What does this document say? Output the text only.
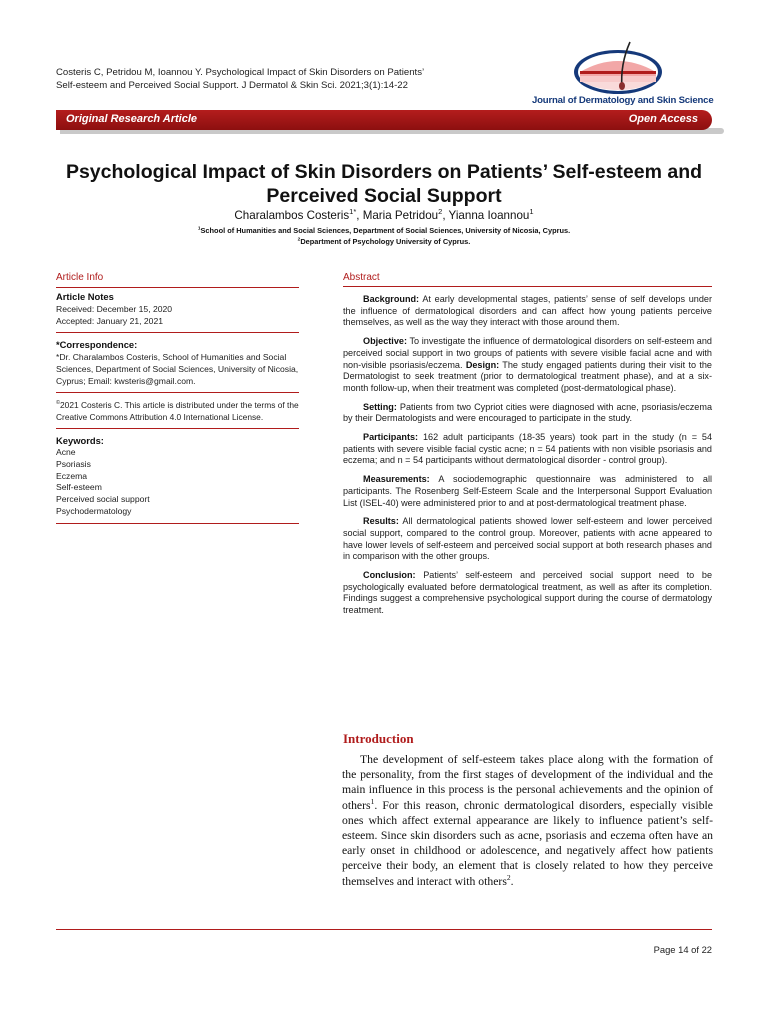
Costeris C, Petridou M, Ioannou Y. Psychological Impact of Skin Disorders on Patients’
Self-esteem and Perceived Social Support. J Dermatol & Skin Sci. 2021;3(1):14-22
Journal of Dermatology and Skin Science
Original Research Article	Open Access
Psychological Impact of Skin Disorders on Patients’ Self-esteem and
Perceived Social Support
Charalambos Costeris$^{1*}$, Maria Petridou$^2$, Yianna Ioannou$^1$
$^1$School of Humanities and Social Sciences, Department of Social Sciences, University of Nicosia, Cyprus.
$^2$Department of Psychology University of Cyprus.
Article Info
Article Notes

Received: December 15, 2020

Accepted: January 21, 2021

*Correspondence:

*Dr. Charalambos Costeris, School of Humanities and Social Sciences, Department of Social Sciences, University of Nicosia, Cyprus; Email: kwsteris@gmail.com.

©2021 Costeris C. This article is distributed under the terms of the Creative Commons Attribution 4.0 International License.
Keywords:
Acne
Psoriasis
Eczema
Self-esteem
Perceived social support
Psychodermatology
Abstract

Background: At early developmental stages, patients’ sense of self develops under the influence of dermatological disorders and can affect how young patients perceive themselves, as well as the way they interact with those around them.

Objective: To investigate the influence of dermatological disorders on self-esteem and perceived social support in two groups of patients with severe visible facial acne and with non-visible psoriasis/eczema. Design: The study engaged patients during their visit to the Dermatologist to seek treatment (prior to dermatological treatment phase), and at a six-month follow-up, when their treatment was completed (post-dermatological phase).

Setting: Patients from two Cypriot cities were diagnosed with acne, psoriasis/eczema by their Dermatologists and were encouraged to participate in the study.

Participants: 162 adult participants (18-35 years) took part in the study (n = 54 patients with severe visible facial cystic acne; n = 54 patients with non visible psoriasis and eczema; and n = 54 participants without dermatological disorder - control group).

Measurements: A sociodemographic questionnaire was administered to all participants. The Rosenberg Self-Esteem Scale and the Interpersonal Support Evaluation List (ISEL-40) were administered prior to and at post-dermatological treatment phase.

Results: All dermatological patients showed lower self-esteem and lower perceived social support, compared to the control group. Moreover, patients with acne appeared to have lower levels of self-esteem and perceived social support at both research phases and in comparison with the other groups.

Conclusion: Patients’ self-esteem and perceived social support need to be psychologically evaluated before dermatological treatment, as well as after its completion. Findings suggest a comprehensive psychological support during the course of dermatology treatment.

Introduction

The development of self-esteem takes place along with the formation of the personality, from the first stages of development of the individual and the main influence in this process is the personal achievements and the opinion of others$^1$. For this reason, chronic dermatological disorders, especially visible ones which affect external appearance are likely to influence patient’s self-esteem. Since skin disorders such as acne, psoriasis and eczema often have an early onset in childhood or adolescence, and negatively affect how patients perceive their body, an element that is closely related to how they perceive themselves and interact with others$^2$.

Page 14 of 22
